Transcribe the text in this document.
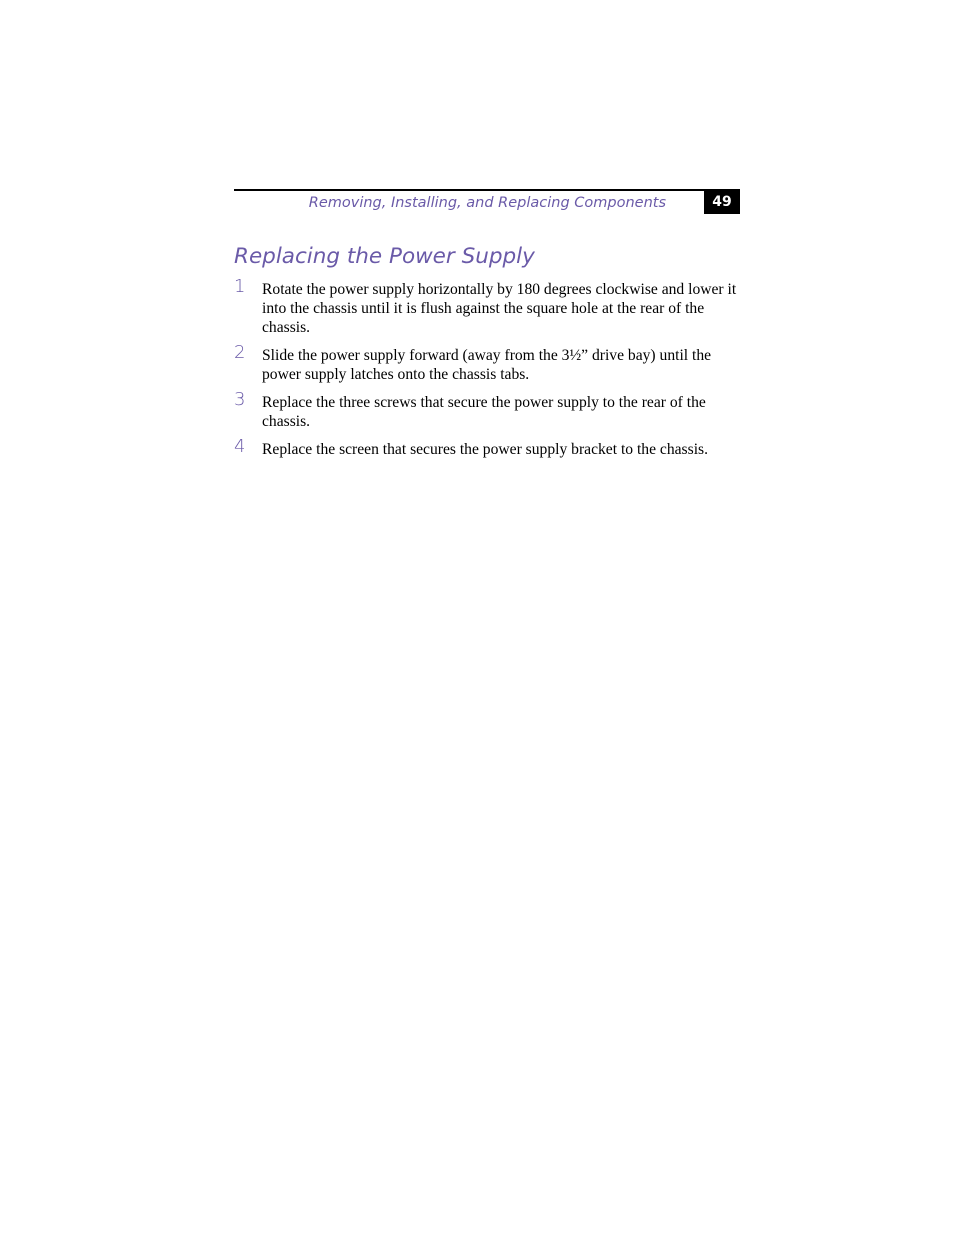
Removing, Installing, and Replacing Components	49
Replacing the Power Supply
1 Rotate the power supply horizontally by 180 degrees clockwise and lower it into the chassis until it is flush against the square hole at the rear of the chassis.
2 Slide the power supply forward (away from the 3½” drive bay) until the power supply latches onto the chassis tabs.
3 Replace the three screws that secure the power supply to the rear of the chassis.
4 Replace the screen that secures the power supply bracket to the chassis.
